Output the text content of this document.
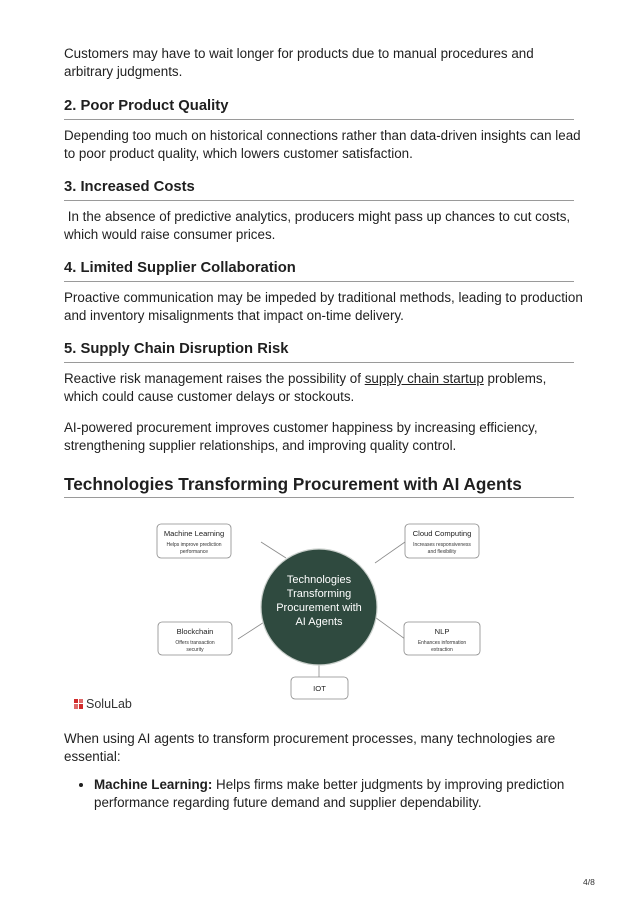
Customers may have to wait longer for products due to manual procedures and arbitrary judgments.

2. Poor Product Quality

Depending too much on historical connections rather than data-driven insights can lead to poor product quality, which lowers customer satisfaction.

3. Increased Costs

In the absence of predictive analytics, producers might pass up chances to cut costs, which would raise consumer prices.

4. Limited Supplier Collaboration

Proactive communication may be impeded by traditional methods, leading to production and inventory misalignments that impact on-time delivery.

5. Supply Chain Disruption Risk

Reactive risk management raises the possibility of supply chain startup problems, which could cause customer delays or stockouts.

AI-powered procurement improves customer happiness by increasing efficiency, strengthening supplier relationships, and improving quality control.

Technologies Transforming Procurement with AI Agents
Technologies
Transforming
Procurement with
AI Agents
Machine Learning
Helps improve prediction
performance
Cloud Computing
Increases responsiveness
and flexibility
Blockchain
Offers transaction
security
NLP
Enhances information
extraction
IOT
SoluLab

When using AI agents to transform procurement processes, many technologies are essential:

• Machine Learning: Helps firms make better judgments by improving prediction performance regarding future demand and supplier dependability.
4/8
